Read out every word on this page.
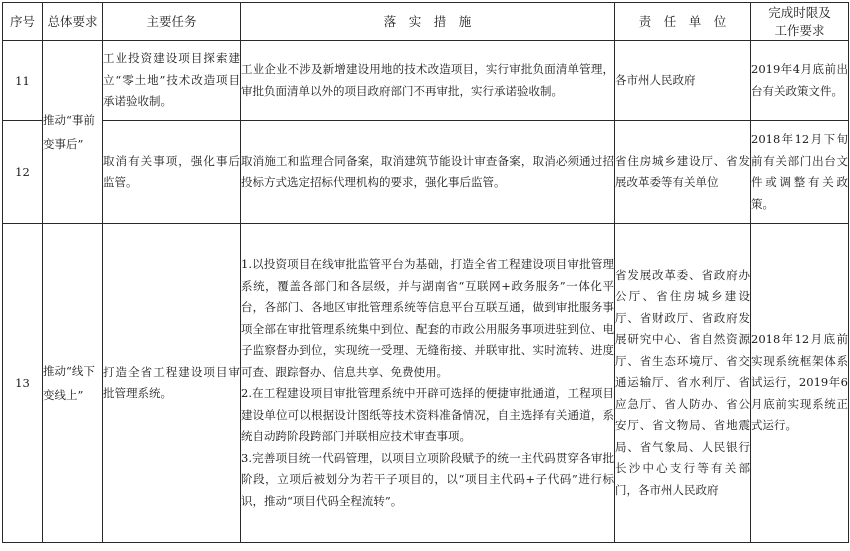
序号	总体要求	主要任务	落　实　措　施	责　任　单　位	完成时限及
工作要求

11	推动“事前变事后”	工业投资建设项目探索建立“零土地”技术改造项目承诺验收制。	工业企业不涉及新增建设用地的技术改造项目，实行审批负面清单管理，审批负面清单以外的项目政府部门不再审批，实行承诺验收制。	各市州人民政府	2019年4月底前出台有关政策文件。
12		取消有关事项，强化事后监管。	取消施工和监理合同备案，取消建筑节能设计审查备案，取消必须通过招投标方式选定招标代理机构的要求，强化事后监管。	省住房城乡建设厅、省发展改革委等有关单位	2018年12月下旬前有关部门出台文件或调整有关政策。
13	推动“线下变线上”	打造全省工程建设项目审批管理系统。	1.以投资项目在线审批监管平台为基础，打造全省工程建设项目审批管理系统，覆盖各部门和各层级，并与湖南省“互联网+政务服务”一体化平台，各部门、各地区审批管理系统等信息平台互联互通，做到审批服务事项全部在审批管理系统集中到位、配套的市政公用服务事项进驻到位、电子监察督办到位，实现统一受理、无缝衔接、并联审批、实时流转、进度可查、跟踪督办、信息共享、免费使用。

2.在工程建设项目审批管理系统中开辟可选择的便捷审批通道，工程项目建设单位可以根据设计图纸等技术资料准备情况，自主选择有关通道，系统自动跨阶段跨部门并联相应技术审查事项。

3.完善项目统一代码管理，以项目立项阶段赋予的统一主代码贯穿各审批阶段，立项后被划分为若干子项目的，以“项目主代码+子代码”进行标识，推动“项目代码全程流转”。	省发展改革委、省政府办公厅、省住房城乡建设厅、省财政厅、省政府发展研究中心、省自然资源厅、省生态环境厅、省交通运输厅、省水利厅、省应急厅、省人防办、省公安厅、省文物局、省地震局、省气象局、人民银行长沙中心支行等有关部门，各市州人民政府	2018年12月底前实现系统框架体系试运行，2019年6月底前实现系统正式运行。
